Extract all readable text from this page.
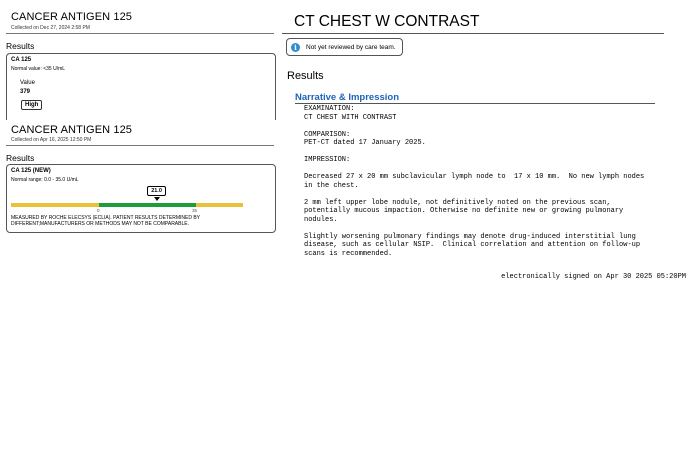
CANCER ANTIGEN 125
Collected on Dec 27, 2024 2:58 PM
Results
CA 125
Normal value: <35 U/mL
Value
379
High
CANCER ANTIGEN 125
Collected on Apr 16, 2025 12:50 PM
Results
CA 125 (NEW)
Normal range: 0.0 - 35.0 U/mL
21.0
0	35
MEASURED BY ROCHE ELECSYS (ECLIA). PATIENT RESULTS DETERMINED BY DIFFERENT;MANUFACTURERS OR METHODS MAY NOT BE COMPARABLE.
CT CHEST W CONTRAST
i	Not yet reviewed by care team.
Results
Narrative & Impression
EXAMINATION:
CT CHEST WITH CONTRAST

COMPARISON:
PET-CT dated 17 January 2025.

IMPRESSION:

Decreased 27 x 20 mm subclavicular lymph node to  17 x 10 mm.  No new lymph nodes
in the chest.

2 mm left upper lobe nodule, not definitively noted on the previous scan,
potentially mucous impaction. Otherwise no definite new or growing pulmonary
nodules.

Slightly worsening pulmonary findings may denote drug-induced interstitial lung
disease, such as cellular NSIP.  Clinical correlation and attention on follow-up
scans is recommended.
electronically signed on Apr 30 2025 05:20PM
